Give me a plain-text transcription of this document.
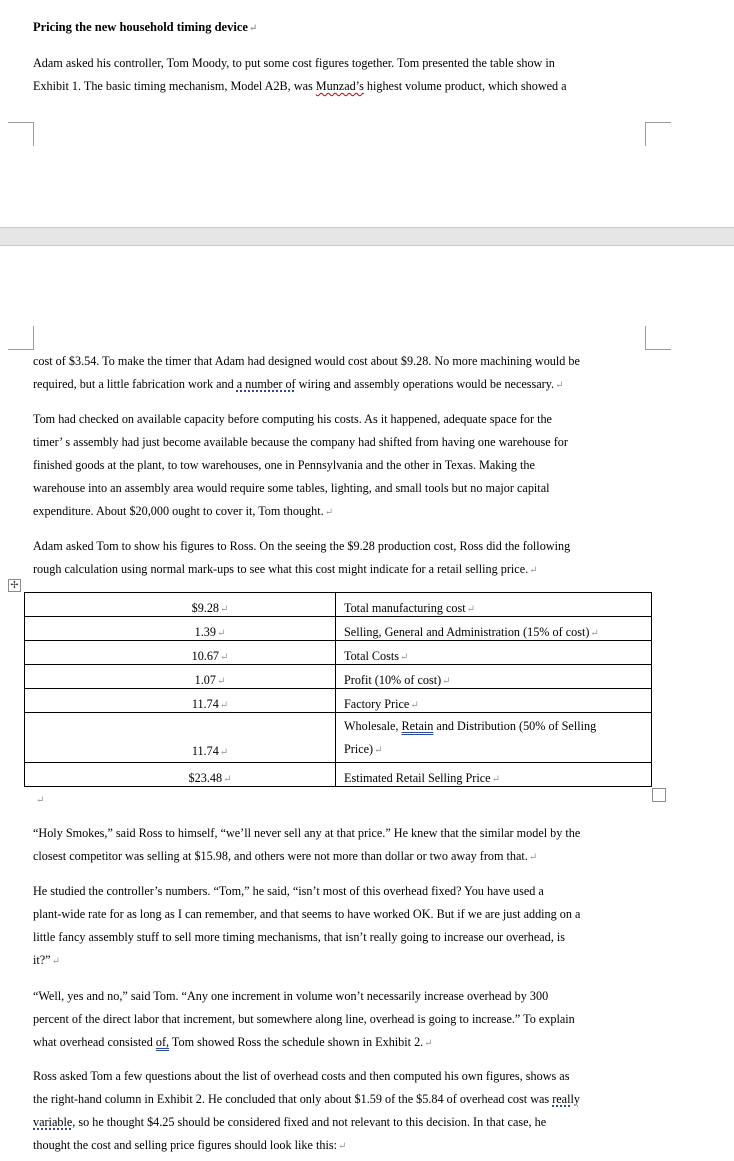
Pricing the new household timing device↵
Adam asked his controller, Tom Moody, to put some cost figures together. Tom presented the table show in
Exhibit 1. The basic timing mechanism, Model A2B, was Munzad’s highest volume product, which showed a
cost of $3.54. To make the timer that Adam had designed would cost about $9.28. No more machining would be
required, but a little fabrication work and a number of wiring and assembly operations would be necessary.↵
Tom had checked on available capacity before computing his costs. As it happened, adequate space for the
timer’ s assembly had just become available because the company had shifted from having one warehouse for
finished goods at the plant, to tow warehouses, one in Pennsylvania and the other in Texas. Making the
warehouse into an assembly area would require some tables, lighting, and small tools but no major capital
expenditure. About $20,000 ought to cover it, Tom thought.↵
Adam asked Tom to show his figures to Ross. On the seeing the $9.28 production cost, Ross did the following
rough calculation using normal mark-ups to see what this cost might indicate for a retail selling price.↵
✢
$9.28↵	Total manufacturing cost↵
1.39↵	Selling, General and Administration (15% of cost)↵
10.67↵	Total Costs↵
1.07↵	Profit (10% of cost)↵
11.74↵	Factory Price↵
11.74↵	Wholesale, Retain and Distribution (50% of Selling
Price)↵

$23.48↵	Estimated Retail Selling Price↵
↵
“Holy Smokes,” said Ross to himself, “we’ll never sell any at that price.” He knew that the similar model by the
closest competitor was selling at $15.98, and others were not more than dollar or two away from that.↵
He studied the controller’s numbers. “Tom,” he said, “isn’t most of this overhead fixed? You have used a
plant-wide rate for as long as I can remember, and that seems to have worked OK. But if we are just adding on a
little fancy assembly stuff to sell more timing mechanisms, that isn’t really going to increase our overhead, is
it?”↵
“Well, yes and no,” said Tom. “Any one increment in volume won’t necessarily increase overhead by 300
percent of the direct labor that increment, but somewhere along line, overhead is going to increase.” To explain
what overhead consisted of, Tom showed Ross the schedule shown in Exhibit 2.↵
Ross asked Tom a few questions about the list of overhead costs and then computed his own figures, shows as
the right-hand column in Exhibit 2. He concluded that only about $1.59 of the $5.84 of overhead cost was really
variable, so he thought $4.25 should be considered fixed and not relevant to this decision. In that case, he
thought the cost and selling price figures should look like this:↵
